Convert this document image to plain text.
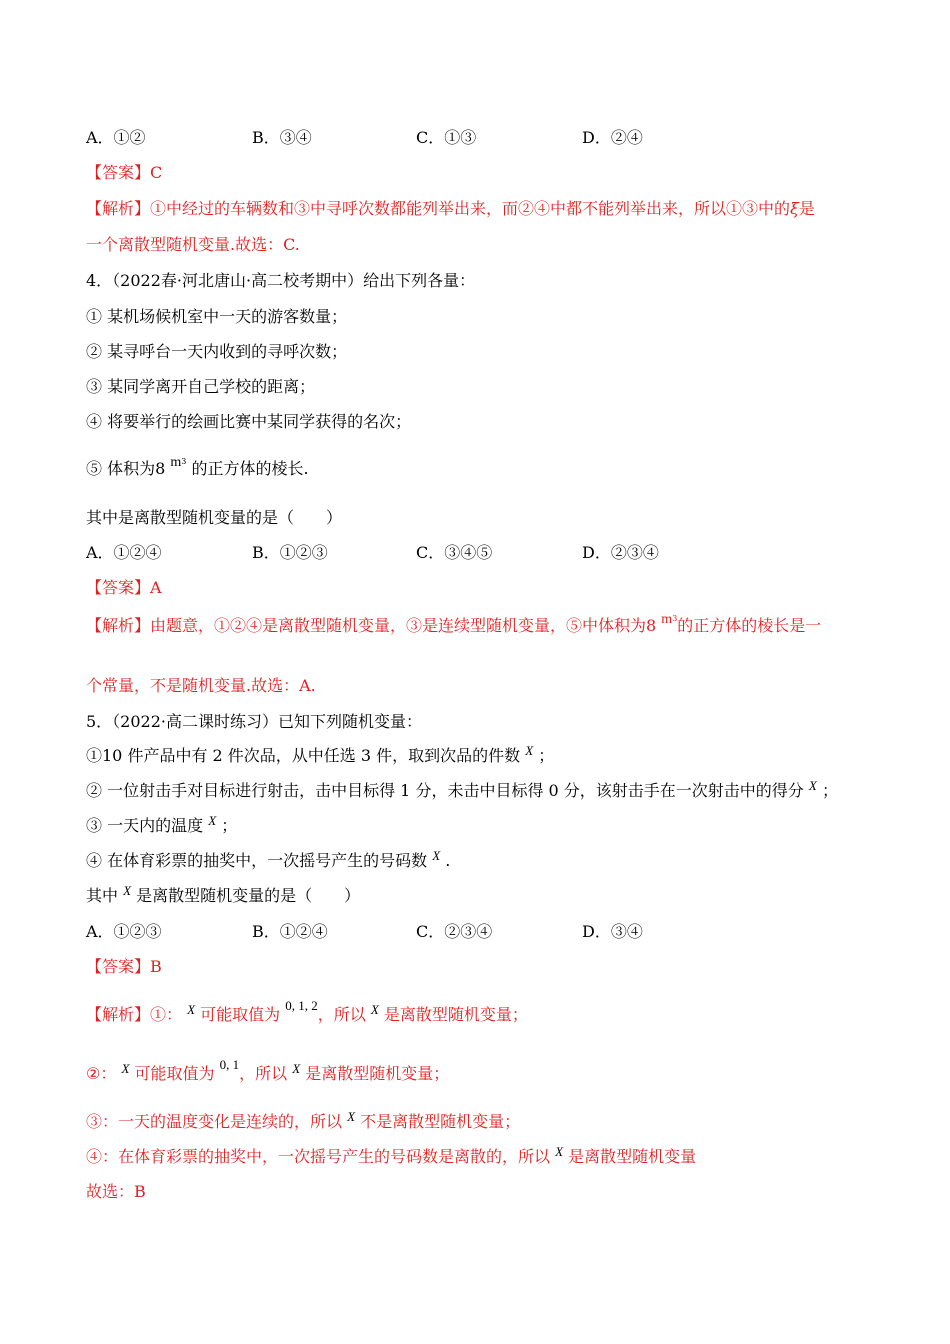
A．①②	B．③④	C．①③	D．②④
【答案】C
【解析】①中经过的车辆数和③中寻呼次数都能列举出来，而②④中都不能列举出来，所以①③中的ξ是
一个离散型随机变量.故选：C.
4．（2022春·河北唐山·高二校考期中）给出下列各量：
① 某机场候机室中一天的游客数量；
② 某寻呼台一天内收到的寻呼次数；
③ 某同学离开自己学校的距离；
④ 将要举行的绘画比赛中某同学获得的名次；
⑤ 体积为8 $m^3$ 的正方体的棱长.
其中是离散型随机变量的是（　　）
A．①②④	B．①②③	C．③④⑤	D．②③④
【答案】A
【解析】由题意，①②④是离散型随机变量，③是连续型随机变量，⑤中体积为8 $m^3$的正方体的棱长是一
个常量，不是随机变量.故选：A.
5．（2022·高二课时练习）已知下列随机变量：
①10 件产品中有 2 件次品，从中任选 3 件，取到次品的件数 $^X$ ；
② 一位射击手对目标进行射击，击中目标得 1 分，未击中目标得 0 分，该射击手在一次射击中的得分 $^X$ ；
③ 一天内的温度 $^X$ ；
④ 在体育彩票的抽奖中，一次摇号产生的号码数 $^X$ .
其中 $^X$ 是离散型随机变量的是（　　）
A．①②③	B．①②④	C．②③④	D．③④
【答案】B
【解析】①： $^X$ 可能取值为 $^{0, 1, 2}$，所以 $^X$ 是离散型随机变量；
②： $^X$ 可能取值为 $^{0, 1}$，所以 $^X$ 是离散型随机变量；
③：一天的温度变化是连续的，所以 $^X$ 不是离散型随机变量；
④：在体育彩票的抽奖中，一次摇号产生的号码数是离散的，所以 $^X$ 是离散型随机变量
故选：B
